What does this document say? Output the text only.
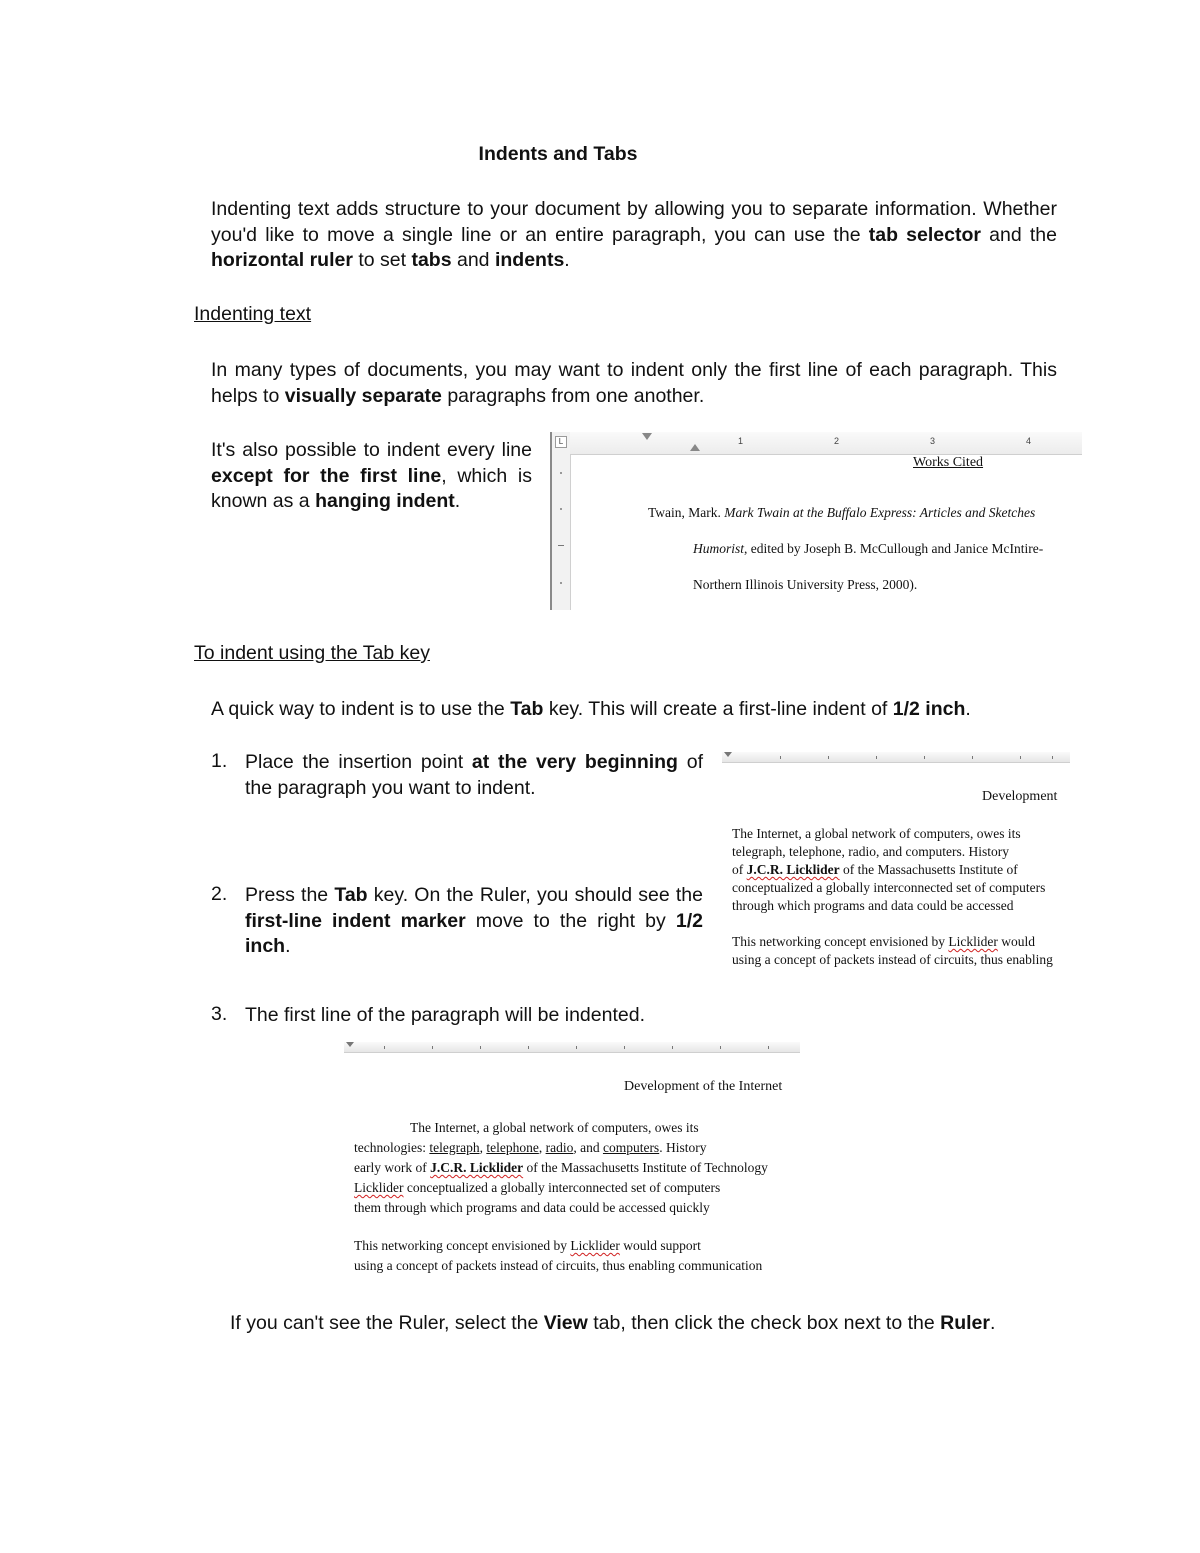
Indents and Tabs

Indenting text adds structure to your document by allowing you to separate information. Whether you'd like to move a single line or an entire paragraph, you can use the tab selector and the horizontal ruler to set tabs and indents.

Indenting text

In many types of documents, you may want to indent only the first line of each paragraph. This helps to visually separate paragraphs from one another.

It's also possible to indent every line except for the first line, which is known as a hanging indent.

L	1	2	3	4
Works Cited
Twain, Mark. Mark Twain at the Buffalo Express: Articles and Sketches
Humorist, edited by Joseph B. McCullough and Janice McIntire-
Northern Illinois University Press, 2000).
To indent using the Tab key

A quick way to indent is to use the Tab key. This will create a first-line indent of 1/2 inch.

1. Place the insertion point at the very beginning of the paragraph you want to indent.

2. Press the Tab key. On the Ruler, you should see the first-line indent marker move to the right by 1/2 inch.

3. The first line of the paragraph will be indented.

Development
The Internet, a global network of computers, owes its
telegraph, telephone, radio, and computers. History
of J.C.R. Licklider of the Massachusetts Institute of
conceptualized a globally interconnected set of computers
through which programs and data could be accessed
This networking concept envisioned by Licklider would
using a concept of packets instead of circuits, thus enabling
Development of the Internet
The Internet, a global network of computers, owes its
technologies: telegraph, telephone, radio, and computers. History
early work of J.C.R. Licklider of the Massachusetts Institute of Technology
Licklider conceptualized a globally interconnected set of computers
them through which programs and data could be accessed quickly
This networking concept envisioned by Licklider would support
using a concept of packets instead of circuits, thus enabling communication

If you can't see the Ruler, select the View tab, then click the check box next to the Ruler.
